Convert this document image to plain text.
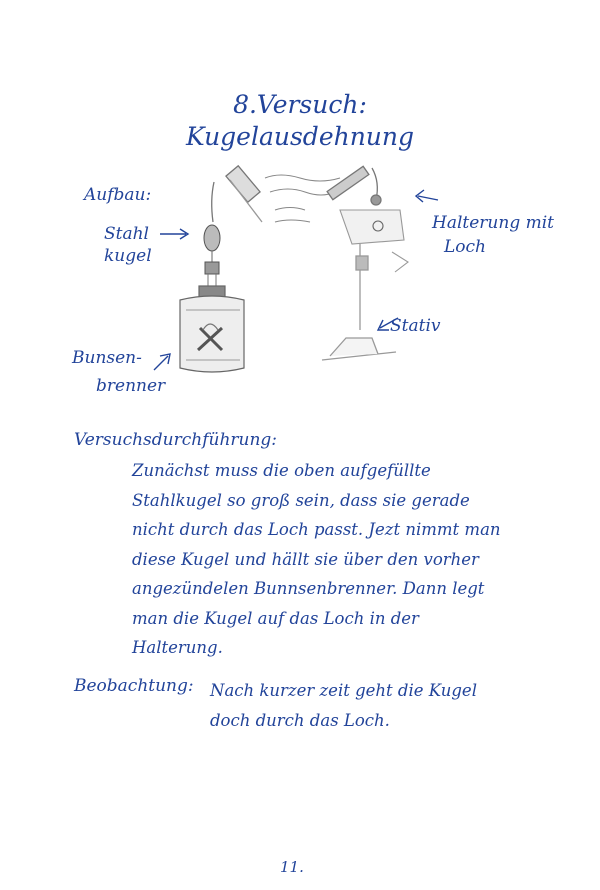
8.Versuch:
Kugelausdehnung
Aufbau:
Stahl
kugel
Halterung mit
Loch
Stativ
Bunsen-
brenner
Versuchsdurchführung:
Zunächst muss die oben aufgefüllte
Stahlkugel so groß sein, dass sie gerade
nicht durch das Loch passt. Jezt nimmt man
diese Kugel und hällt sie über den vorher
angezündelen Bunnsenbrenner. Dann legt
man die Kugel auf das Loch in der
Halterung.
Beobachtung: Nach kurzer zeit geht die Kugel
doch durch das Loch.
11.
